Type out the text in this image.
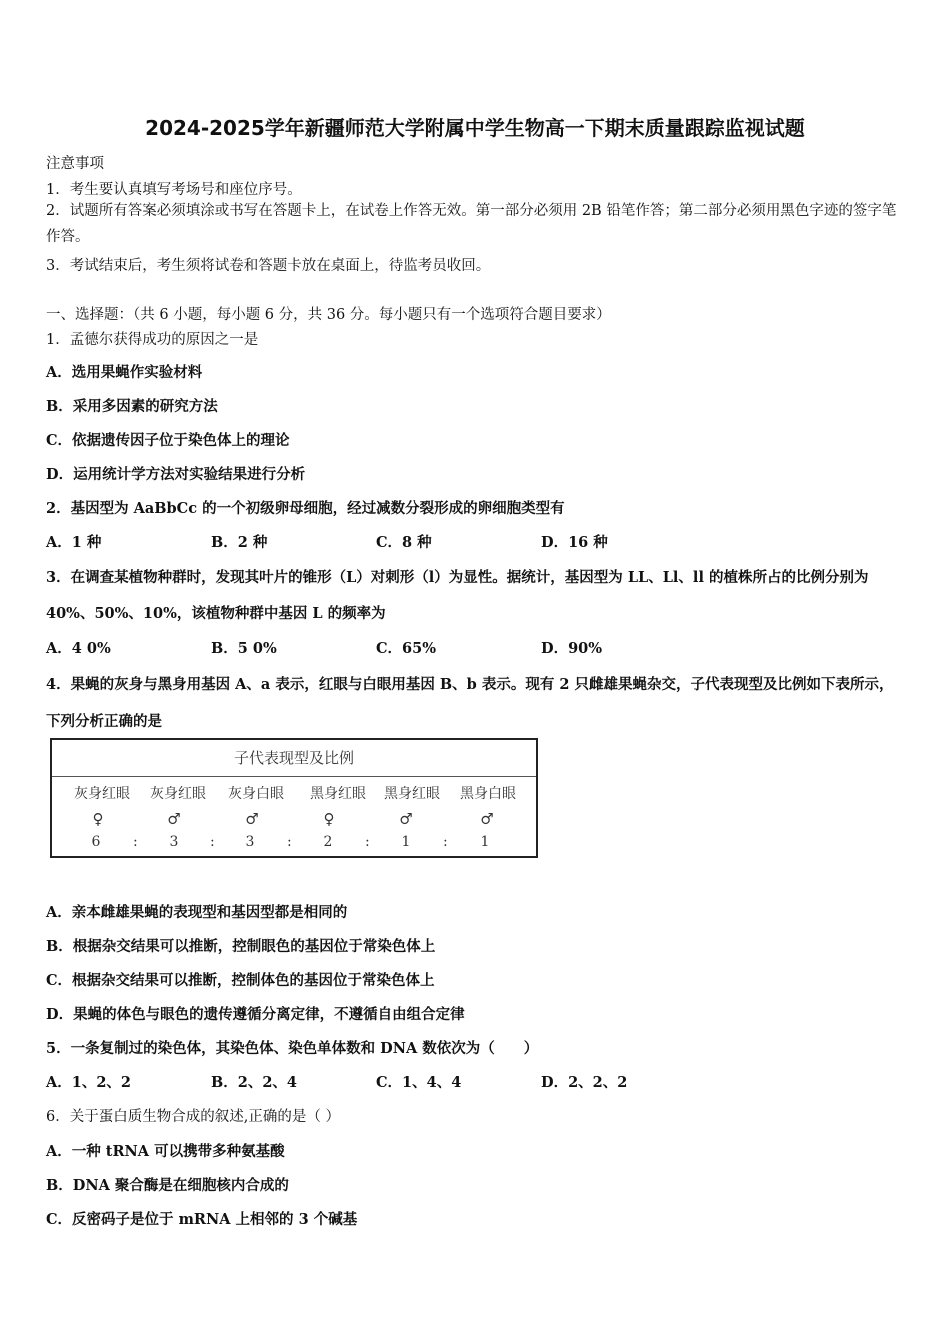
2024-2025学年新疆师范大学附属中学生物高一下期末质量跟踪监视试题
注意事项
1．考生要认真填写考场号和座位序号。
2．试题所有答案必须填涂或书写在答题卡上，在试卷上作答无效。第一部分必须用 2B 铅笔作答；第二部分必须用黑色字迹的签字笔作答。
3．考试结束后，考生须将试卷和答题卡放在桌面上，待监考员收回。
一、选择题：（共 6 小题，每小题 6 分，共 36 分。每小题只有一个选项符合题目要求）
1．孟德尔获得成功的原因之一是
A．选用果蝇作实验材料
B．采用多因素的研究方法
C．依据遗传因子位于染色体上的理论
D．运用统计学方法对实验结果进行分析
2．基因型为 AaBbCc 的一个初级卵母细胞，经过减数分裂形成的卵细胞类型有
A．1 种	B．2 种	C．8 种	D．16 种
3．在调查某植物种群时，发现其叶片的锥形（L）对刺形（l）为显性。据统计，基因型为 LL、Ll、ll 的植株所占的比例分别为 40%、50%、10%，该植物种群中基因 L 的频率为
A．4 0%	B．5 0%	C．65%	D．90%
4．果蝇的灰身与黑身用基因 A、a 表示，红眼与白眼用基因 B、b 表示。现有 2 只雌雄果蝇杂交，子代表现型及比例如下表所示，下列分析正确的是
子代表现型及比例
灰身红眼	灰身红眼	灰身白眼	黑身红眼	黑身红眼	黑身白眼
♀	♂	♂	♀	♂	♂
6	:	3	:	3	:	2	:	1	:	1
A．亲本雌雄果蝇的表现型和基因型都是相同的
B．根据杂交结果可以推断，控制眼色的基因位于常染色体上
C．根据杂交结果可以推断，控制体色的基因位于常染色体上
D．果蝇的体色与眼色的遗传遵循分离定律，不遵循自由组合定律
5．一条复制过的染色体，其染色体、染色单体数和 DNA 数依次为（　　）
A．1、2、2	B．2、2、4	C．1、4、4	D．2、2、2
6．关于蛋白质生物合成的叙述,正确的是（ ）
A．一种 tRNA 可以携带多种氨基酸
B．DNA 聚合酶是在细胞核内合成的
C．反密码子是位于 mRNA 上相邻的 3 个碱基
